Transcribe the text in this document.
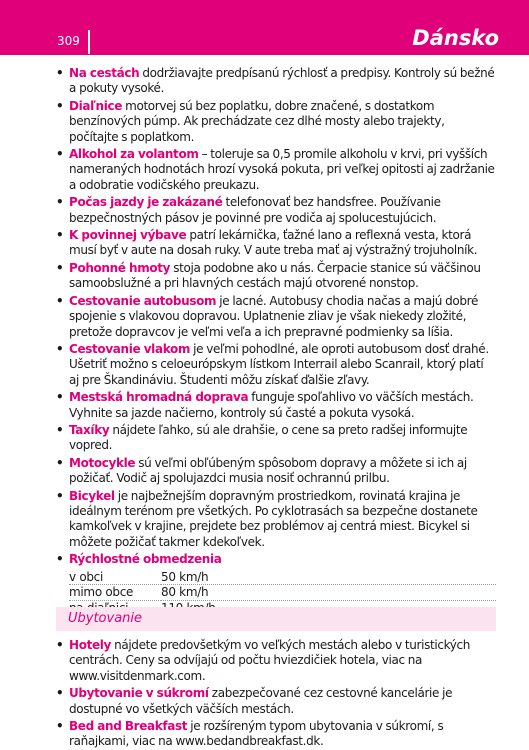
309	Dánsko
• Na cestách dodržiavajte predpísanú rýchlosť a predpisy. Kontroly sú bežné a pokuty vysoké.
• Diaľnice motorvej sú bez poplatku, dobre značené, s dostatkom benzínových púmp. Ak prechádzate cez dlhé mosty alebo trajekty, počítajte s poplatkom.
• Alkohol za volantom – toleruje sa 0,5 promile alkoholu v krvi, pri vyšších nameraných hodnotách hrozí vysoká pokuta, pri veľkej opitosti aj zadržanie a odobratie vodičského preukazu.
• Počas jazdy je zakázané telefonovať bez handsfree. Používanie bezpečnostných pásov je povinné pre vodiča aj spolucestujúcich.
• K povinnej výbave patrí lekárnička, ťažné lano a reflexná vesta, ktorá musí byť v aute na dosah ruky. V aute treba mať aj výstražný trojuholník.
• Pohonné hmoty stoja podobne ako u nás. Čerpacie stanice sú väčšinou samoobslužné a pri hlavných cestách majú otvorené nonstop.
• Cestovanie autobusom je lacné. Autobusy chodia načas a majú dobré spojenie s vlakovou dopravou. Uplatnenie zliav je však niekedy zložité, pretože dopravcov je veľmi veľa a ich prepravné podmienky sa líšia.
• Cestovanie vlakom je veľmi pohodlné, ale oproti autobusom dosť drahé. Ušetriť možno s celoeurópskym lístkom Interrail alebo Scanrail, ktorý platí aj pre Škandináviu. Študenti môžu získať ďalšie zľavy.
• Mestská hromadná doprava funguje spoľahlivo vo väčších mestách. Vyhnite sa jazde načierno, kontroly sú časté a pokuta vysoká.
• Taxíky nájdete ľahko, sú ale drahšie, o cene sa preto radšej informujte vopred.
• Motocykle sú veľmi obľúbeným spôsobom dopravy a môžete si ich aj požičať. Vodič aj spolujazdci musia nosiť ochrannú prilbu.
• Bicykel je najbežnejším dopravným prostriedkom, rovinatá krajina je ideálnym terénom pre všetkých. Po cyklotrasách sa bezpečne dostanete kamkoľvek v krajine, prejdete bez problémov aj centrá miest. Bicykel si môžete požičať takmer kdekoľvek.
• Rýchlostné obmedzenia
v obci	50 km/h
mimo obce	80 km/h

Ubytovanie
• Hotely nájdete predovšetkým vo veľkých mestách alebo v turistických centrách. Ceny sa odvíjajú od počtu hviezdičiek hotela, viac na www.visitdenmark.com.
• Ubytovanie v súkromí zabezpečované cez cestovné kancelárie je dostupné vo všetkých väčších mestách.
• Bed and Breakfast je rozšíreným typom ubytovania v súkromí, s raňajkami, viac na www.bedandbreakfast.dk.
